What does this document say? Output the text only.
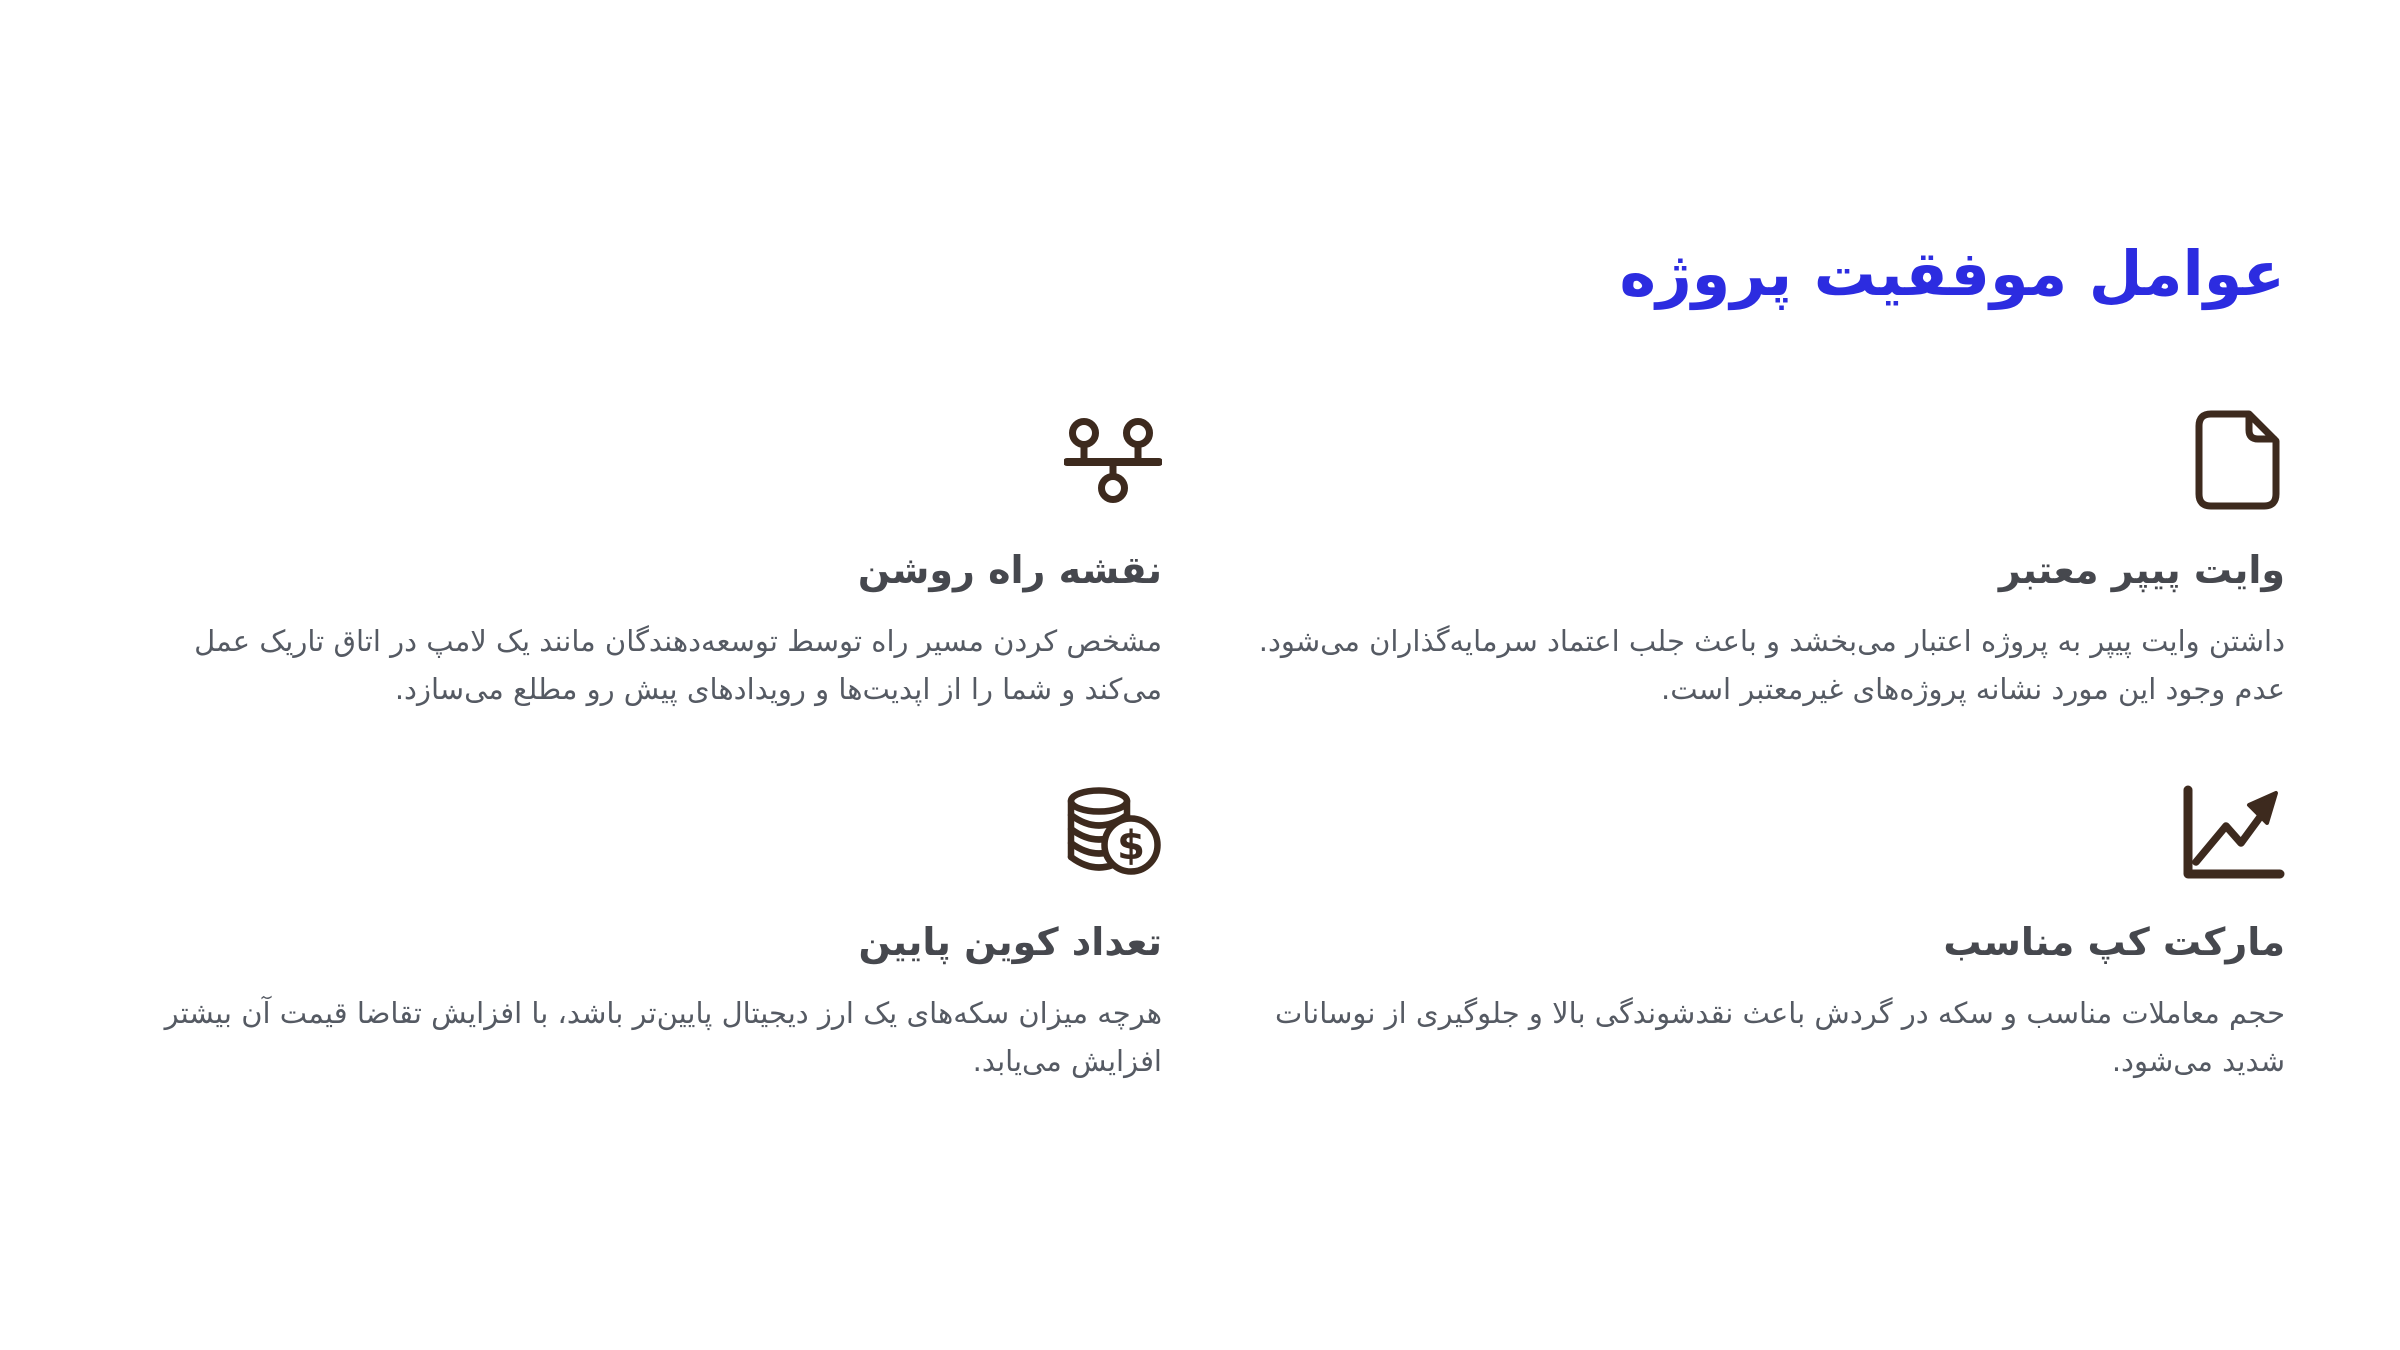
عوامل موفقیت پروژه
وایت پیپر معتبر

داشتن وایت پیپر به پروژه اعتبار می‌بخشد و باعث جلب اعتماد سرمایه‌گذاران می‌شود. عدم وجود این مورد نشانه پروژه‌های غیرمعتبر است.

نقشه راه روشن

مشخص کردن مسیر راه توسط توسعه‌دهندگان مانند یک لامپ در اتاق تاریک عمل می‌کند و شما را از اپدیت‌ها و رویدادهای پیش رو مطلع می‌سازد.

مارکت کپ مناسب

حجم معاملات مناسب و سکه در گردش باعث نقدشوندگی بالا و جلوگیری از نوسانات شدید می‌شود.

$
تعداد کوین پایین

هرچه میزان سکه‌های یک ارز دیجیتال پایین‌تر باشد، با افزایش تقاضا قیمت آن بیشتر افزایش می‌یابد.
